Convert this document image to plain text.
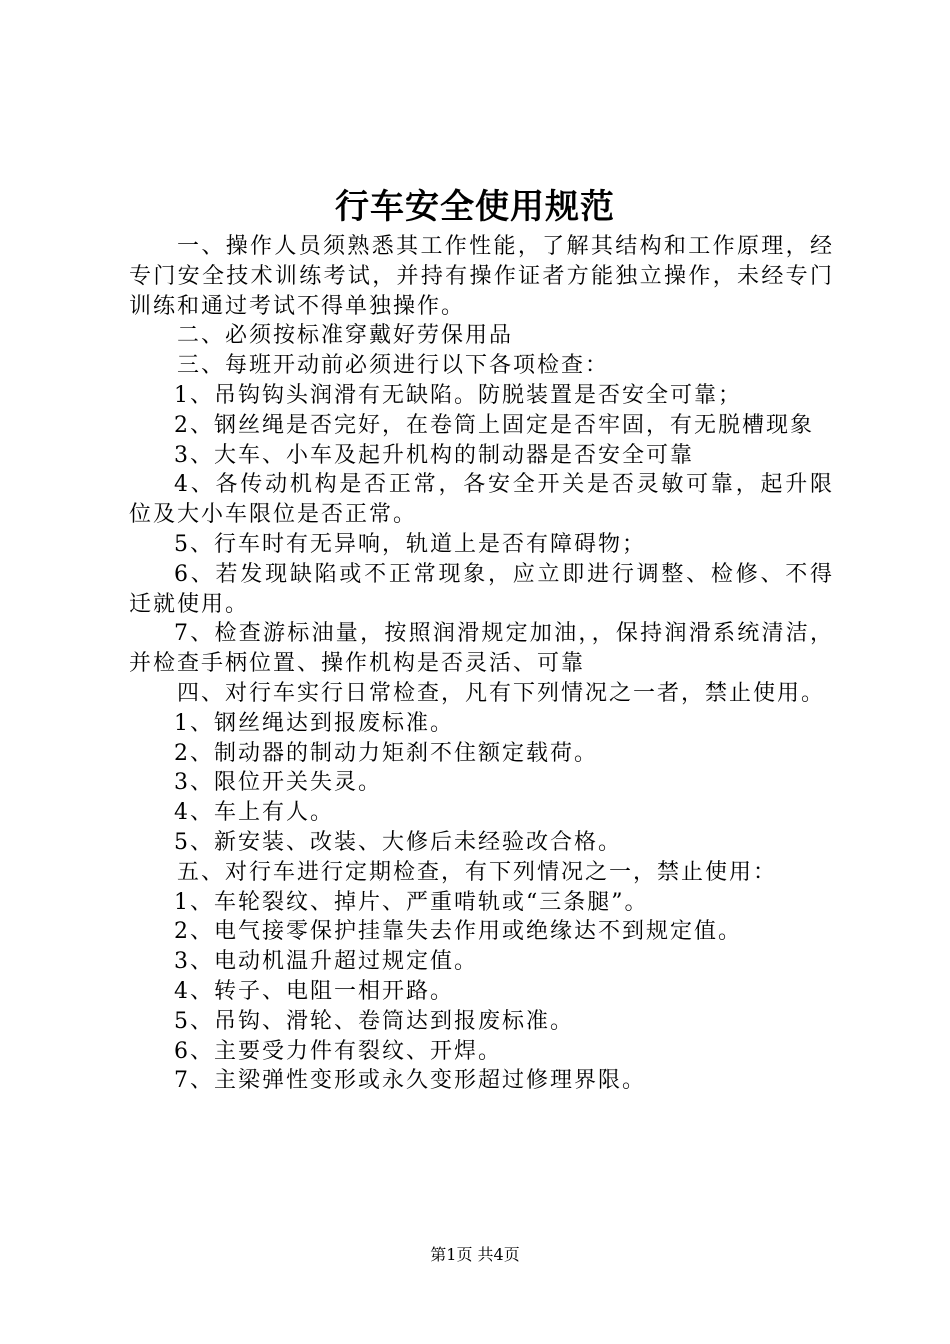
行车安全使用规范

一、操作人员须熟悉其工作性能，了解其结构和工作原理，经专门安全技术训练考试，并持有操作证者方能独立操作，未经专门训练和通过考试不得单独操作。

二、必须按标准穿戴好劳保用品

三、每班开动前必须进行以下各项检查：

1、吊钩钩头润滑有无缺陷。防脱装置是否安全可靠；

2、钢丝绳是否完好，在卷筒上固定是否牢固，有无脱槽现象

3、大车、小车及起升机构的制动器是否安全可靠

4、各传动机构是否正常，各安全开关是否灵敏可靠，起升限位及大小车限位是否正常。

5、行车时有无异响，轨道上是否有障碍物；

6、若发现缺陷或不正常现象，应立即进行调整、检修、不得迁就使用。

7、检查游标油量，按照润滑规定加油，，保持润滑系统清洁，并检查手柄位置、操作机构是否灵活、可靠

四、对行车实行日常检查，凡有下列情况之一者，禁止使用。

1、钢丝绳达到报废标准。

2、制动器的制动力矩刹不住额定载荷。

3、限位开关失灵。

4、车上有人。

5、新安装、改装、大修后未经验改合格。

五、对行车进行定期检查，有下列情况之一，禁止使用：

1、车轮裂纹、掉片、严重啃轨或“三条腿”。

2、电气接零保护挂靠失去作用或绝缘达不到规定值。

3、电动机温升超过规定值。

4、转子、电阻一相开路。

5、吊钩、滑轮、卷筒达到报废标准。

6、主要受力件有裂纹、开焊。

7、主梁弹性变形或永久变形超过修理界限。

第1页 共4页
